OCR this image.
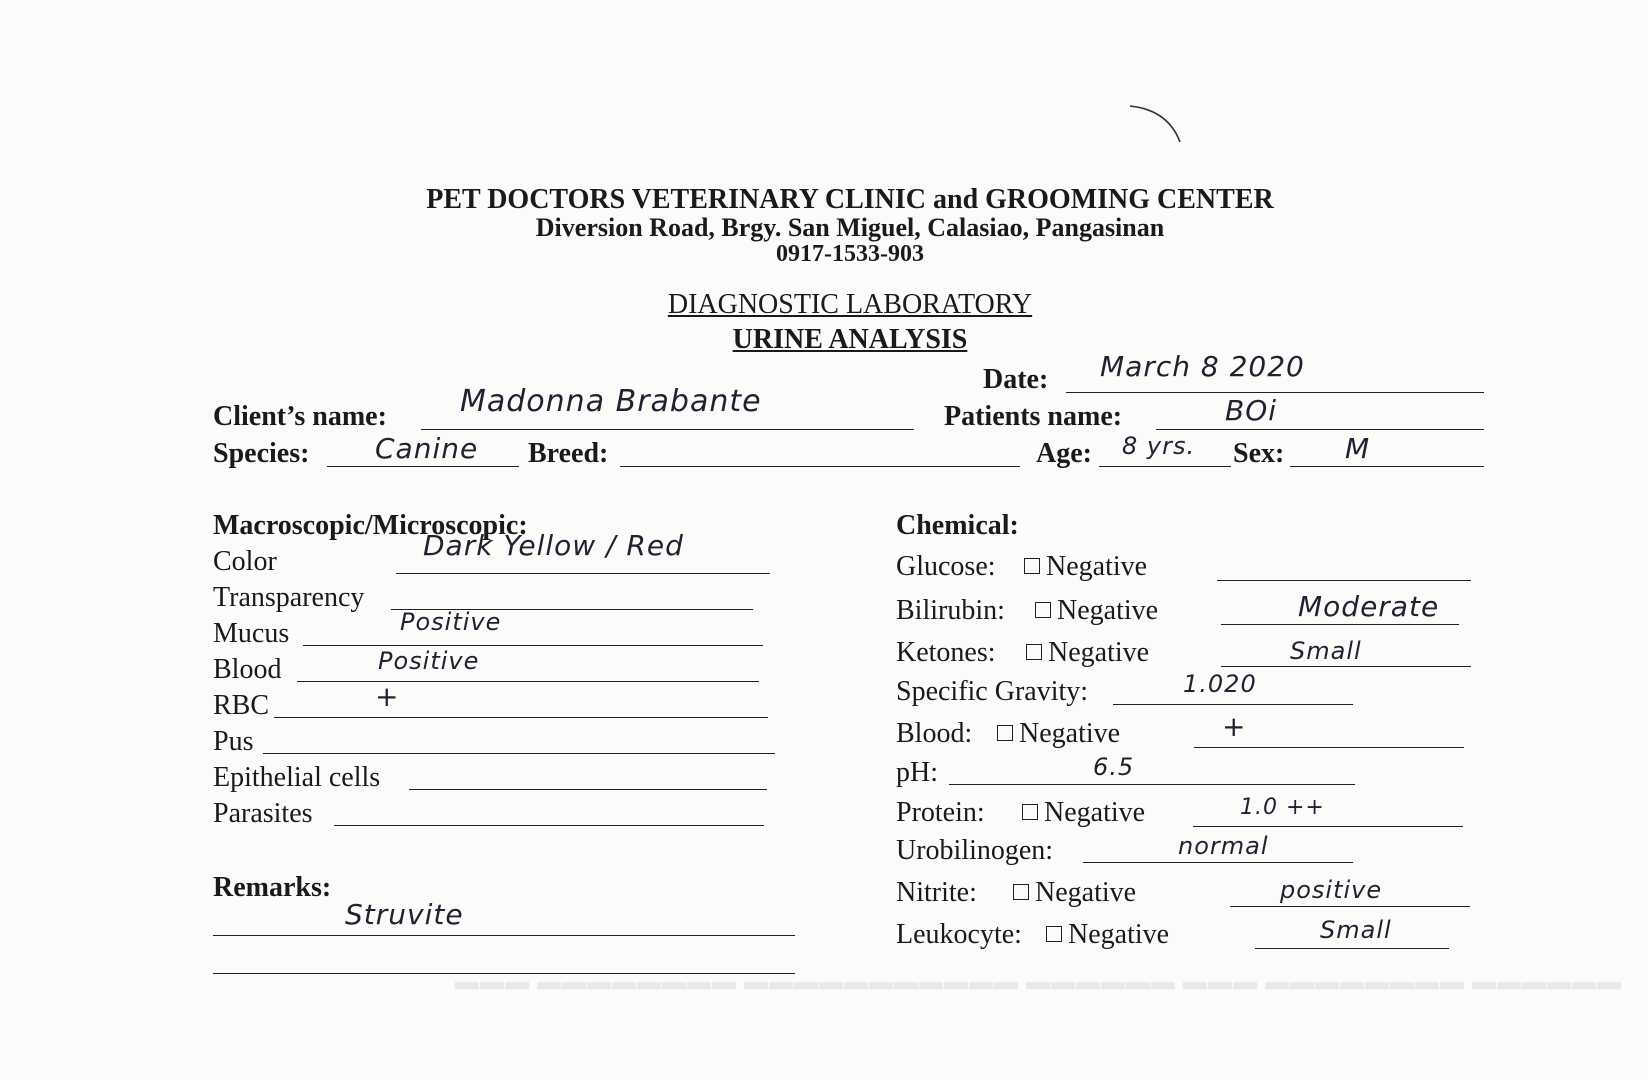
▬▬▬ ▬▬▬▬▬▬▬▬ ▬▬▬▬▬▬▬▬▬▬▬ ▬▬▬▬▬▬ ▬▬▬ ▬▬▬▬▬▬▬▬ ▬▬▬▬▬▬
PET DOCTORS VETERINARY CLINIC and GROOMING CENTER
Diversion Road, Brgy. San Miguel, Calasiao, Pangasinan
0917-1533-903
DIAGNOSTIC LABORATORY
URINE ANALYSIS
Date: March 8 2020
Client’s name: Madonna Brabante	Patients name:	BOi
Species: Canine Breed:	Age: 8 yrs. Sex: M
Macroscopic/Microscopic:
Color	Dark Yellow / Red
Transparency
Mucus	Positive
Blood	Positive
RBC	+
Pus
Epithelial cells
Parasites
Remarks:
Struvite
Chemical:
Glucose:	Negative
Bilirubin:	Negative	Moderate
Ketones:	Negative	Small
Specific Gravity:	1.020
Blood:	Negative	+
pH:	6.5
Protein:	Negative	1.0 ++
Urobilinogen:	normal
Nitrite:	Negative	positive
Leukocyte:	Negative	Small
